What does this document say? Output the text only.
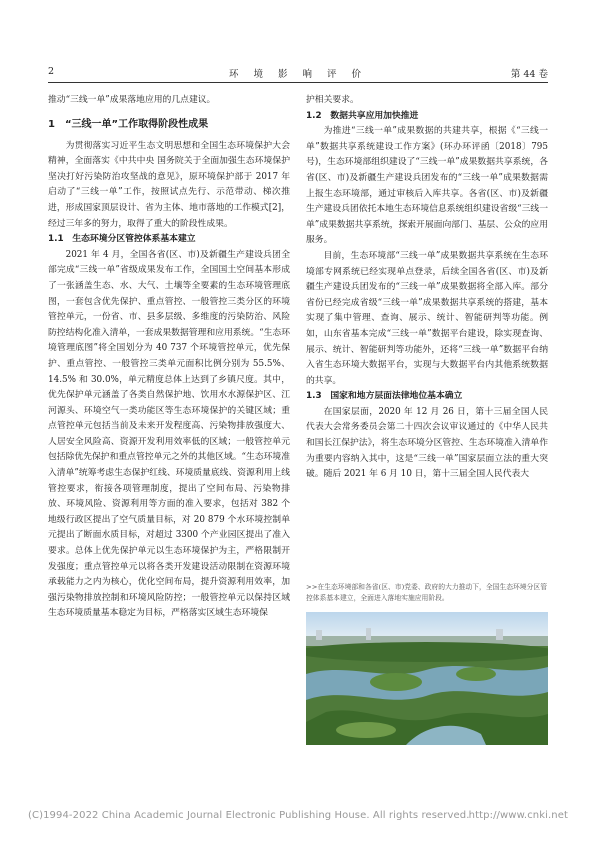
2	环 境 影 响 评 价	第 44 卷

推动“三线一单”成果落地应用的几点建议。

1　“三线一单”工作取得阶段性成果

为贯彻落实习近平生态文明思想和全国生态环境保护大会精神，全面落实《中共中央 国务院关于全面加强生态环境保护 坚决打好污染防治攻坚战的意见》，原环境保护部于 2017 年启动了“三线一单”工作，按照试点先行、示范带动、梯次推进，形成国家顶层设计、省为主体、地市落地的工作模式[2]，经过三年多的努力，取得了重大的阶段性成果。

1.1　生态环境分区管控体系基本建立

2021 年 4 月，全国各省(区、市)及新疆生产建设兵团全部完成“三线一单”省级成果发布工作，全国国土空间基本形成了一张涵盖生态、水、大气、土壤等全要素的生态环境管理底图，一套包含优先保护、重点管控、一般管控三类分区的环境管控单元，一份省、市、县多层级、多维度的污染防治、风险防控结构化准入清单，一套成果数据管理和应用系统。“生态环境管理底图”将全国划分为 40 737 个环境管控单元，优先保护、重点管控、一般管控三类单元面积比例分别为 55.5%、14.5% 和 30.0%，单元精度总体上达到了乡镇尺度。其中，优先保护单元涵盖了各类自然保护地、饮用水水源保护区、江河源头、环境空气一类功能区等生态环境保护的关键区域；重点管控单元包括当前及未来开发程度高、污染物排放强度大、人居安全风险高、资源开发利用效率低的区域；一般管控单元包括除优先保护和重点管控单元之外的其他区域。“生态环境准入清单”统筹考虑生态保护红线、环境质量底线、资源利用上线管控要求，衔接各项管理制度，提出了空间布局、污染物排放、环境风险、资源利用等方面的准入要求，包括对 382 个地级行政区提出了空气质量目标，对 20 879 个水环境控制单元提出了断面水质目标，对超过 3300 个产业园区提出了准入要求。总体上优先保护单元以生态环境保护为主，严格限制开发强度；重点管控单元以将各类开发建设活动限制在资源环境承载能力之内为核心，优化空间布局，提升资源利用效率，加强污染物排放控制和环境风险防控；一般管控单元以保持区域生态环境质量基本稳定为目标，严格落实区域生态环境保

护相关要求。

1.2　数据共享应用加快推进

为推进“三线一单”成果数据的共建共享，根据《“三线一单”数据共享系统建设工作方案》(环办环评函〔2018〕795 号)，生态环境部组织建设了“三线一单”成果数据共享系统，各省(区、市)及新疆生产建设兵团发布的“三线一单”成果数据需上报生态环境部，通过审核后入库共享。各省(区、市)及新疆生产建设兵团依托本地生态环境信息系统组织建设省级“三线一单”成果数据共享系统，探索开展面向部门、基层、公众的应用服务。

目前，生态环境部“三线一单”成果数据共享系统在生态环境部专网系统已经实现单点登录，后续全国各省(区、市)及新疆生产建设兵团发布的“三线一单”成果数据将全部入库。部分省份已经完成省级“三线一单”成果数据共享系统的搭建，基本实现了集中管理、查询、展示、统计、智能研判等功能。例如，山东省基本完成“三线一单”数据平台建设，除实现查询、展示、统计、智能研判等功能外，还将“三线一单”数据平台纳入省生态环境大数据平台，实现与大数据平台内其他系统数据的共享。

1.3　国家和地方层面法律地位基本确立

在国家层面，2020 年 12 月 26 日，第十三届全国人民代表大会常务委员会第二十四次会议审议通过的《中华人民共和国长江保护法》，将生态环境分区管控、生态环境准入清单作为重要内容纳入其中，这是“三线一单”国家层面立法的重大突破。随后 2021 年 6 月 10 日，第十三届全国人民代表大

>>在生态环境部和各省(区、市)党委、政府的大力推动下，全国生态环境分区管控体系基本建立，全面进入落地实施应用阶段。
(C)1994-2022 China Academic Journal Electronic Publishing House. All rights reserved. http://www.cnki.net
